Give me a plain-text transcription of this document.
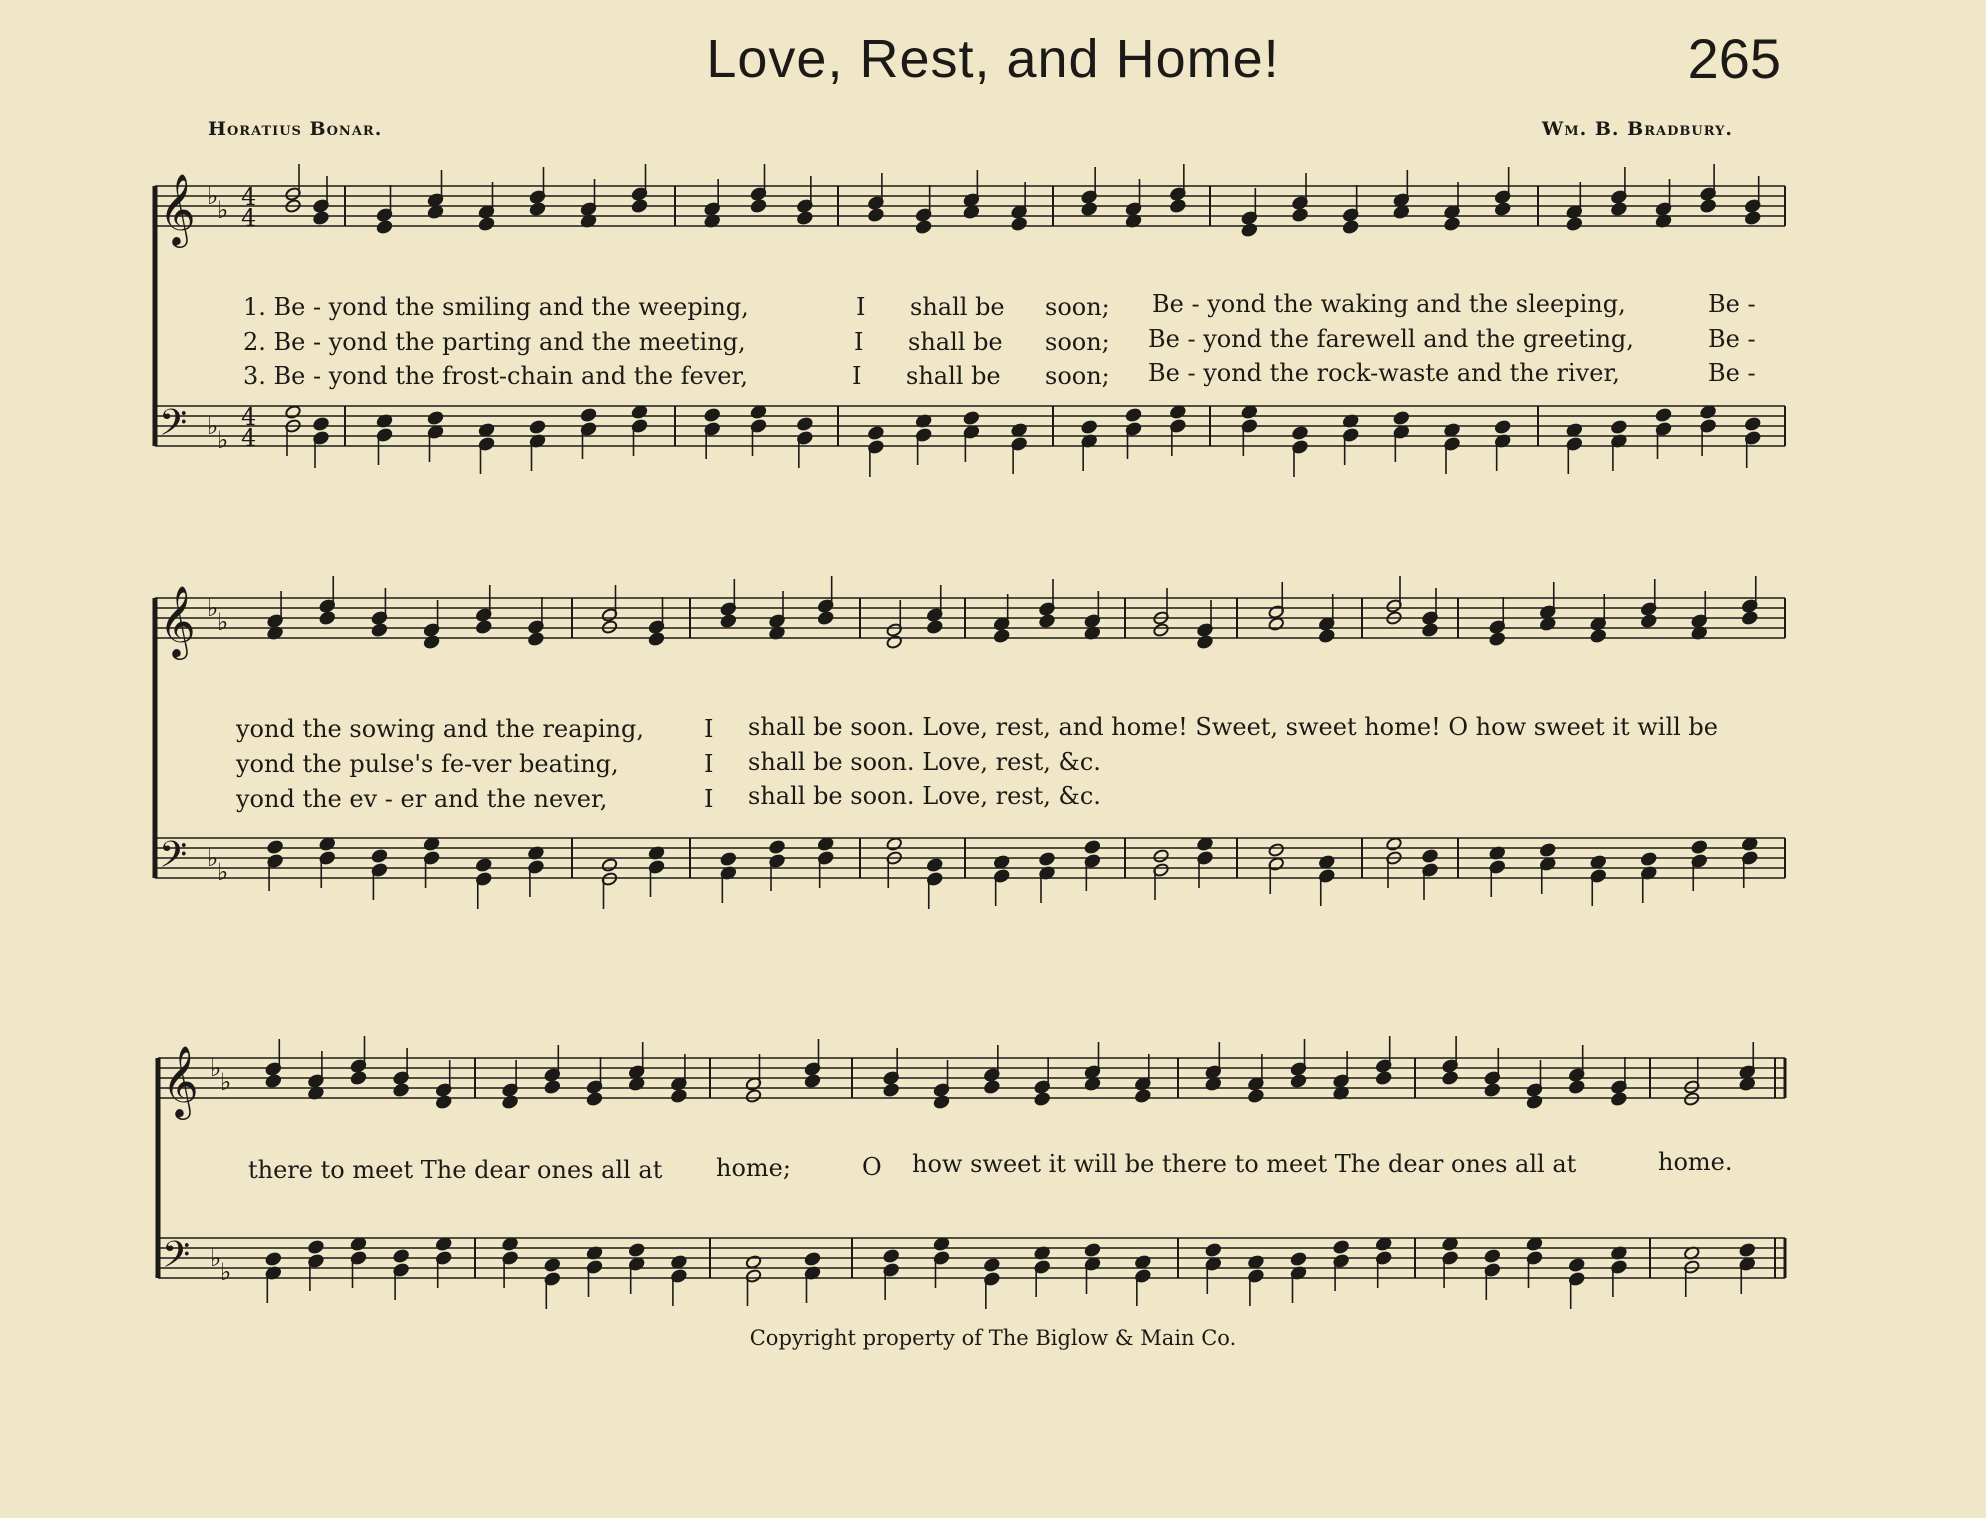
Love, Rest, and Home!	265
Horatius Bonar.	Wm. B. Bradbury.
𝄞
𝄢
♭
♭
♭
♭
4
4
4
4
𝄞
𝄢
♭
♭
♭
♭
𝄞
𝄢
♭
♭
♭
♭
1. Be - yond the smiling and the weeping,	I shall be soon; Be - yond the waking and the sleeping,	Be -
2. Be - yond the parting and the meeting,	I shall be soon; Be - yond the farewell and the greeting,	Be -
3. Be - yond the frost-chain and the fever,	I shall be soon; Be - yond the rock-waste and the river,	Be -
yond the sowing and the reaping,	I shall be soon. Love, rest, and home! Sweet, sweet home! O how sweet it will be
yond the pulse's fe-ver beating,	I shall be soon. Love, rest, &c.
yond the ev - er and the never,	I shall be soon. Love, rest, &c.
there to meet The dear ones all at home;	O how sweet it will be there to meet The dear ones all at	home.
Copyright property of The Biglow & Main Co.
